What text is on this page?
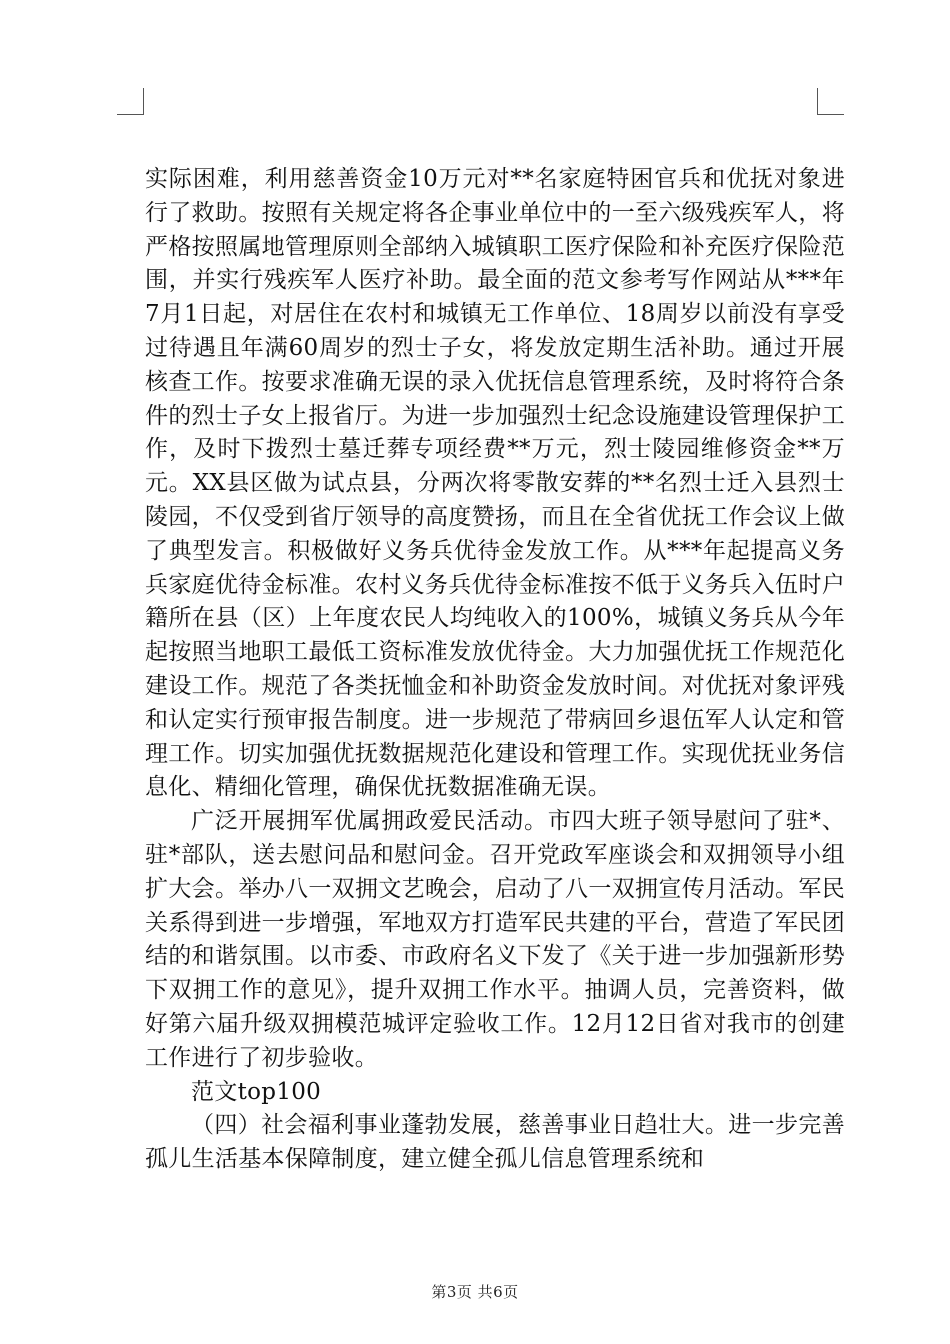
实际困难，利用慈善资金10万元对**名家庭特困官兵和优抚对象进行了救助。按照有关规定将各企事业单位中的一至六级残疾军人，将严格按照属地管理原则全部纳入城镇职工医疗保险和补充医疗保险范围，并实行残疾军人医疗补助。最全面的范文参考写作网站从***年7月1日起，对居住在农村和城镇无工作单位、18周岁以前没有享受过待遇且年满60周岁的烈士子女，将发放定期生活补助。通过开展核查工作。按要求准确无误的录入优抚信息管理系统，及时将符合条件的烈士子女上报省厅。为进一步加强烈士纪念设施建设管理保护工作，及时下拨烈士墓迁葬专项经费**万元，烈士陵园维修资金**万元。XX县区做为试点县，分两次将零散安葬的**名烈士迁入县烈士陵园，不仅受到省厅领导的高度赞扬，而且在全省优抚工作会议上做了典型发言。积极做好义务兵优待金发放工作。从***年起提高义务兵家庭优待金标准。农村义务兵优待金标准按不低于义务兵入伍时户籍所在县（区）上年度农民人均纯收入的100%，城镇义务兵从今年起按照当地职工最低工资标准发放优待金。大力加强优抚工作规范化建设工作。规范了各类抚恤金和补助资金发放时间。对优抚对象评残和认定实行预审报告制度。进一步规范了带病回乡退伍军人认定和管理工作。切实加强优抚数据规范化建设和管理工作。实现优抚业务信息化、精细化管理，确保优抚数据准确无误。

广泛开展拥军优属拥政爱民活动。市四大班子领导慰问了驻*、驻*部队，送去慰问品和慰问金。召开党政军座谈会和双拥领导小组扩大会。举办八一双拥文艺晚会，启动了八一双拥宣传月活动。军民关系得到进一步增强，军地双方打造军民共建的平台，营造了军民团结的和谐氛围。以市委、市政府名义下发了《关于进一步加强新形势下双拥工作的意见》，提升双拥工作水平。抽调人员，完善资料，做好第六届升级双拥模范城评定验收工作。12月12日省对我市的创建工作进行了初步验收。

范文top100

（四）社会福利事业蓬勃发展，慈善事业日趋壮大。进一步完善孤儿生活基本保障制度，建立健全孤儿信息管理系统和

第3页 共6页
